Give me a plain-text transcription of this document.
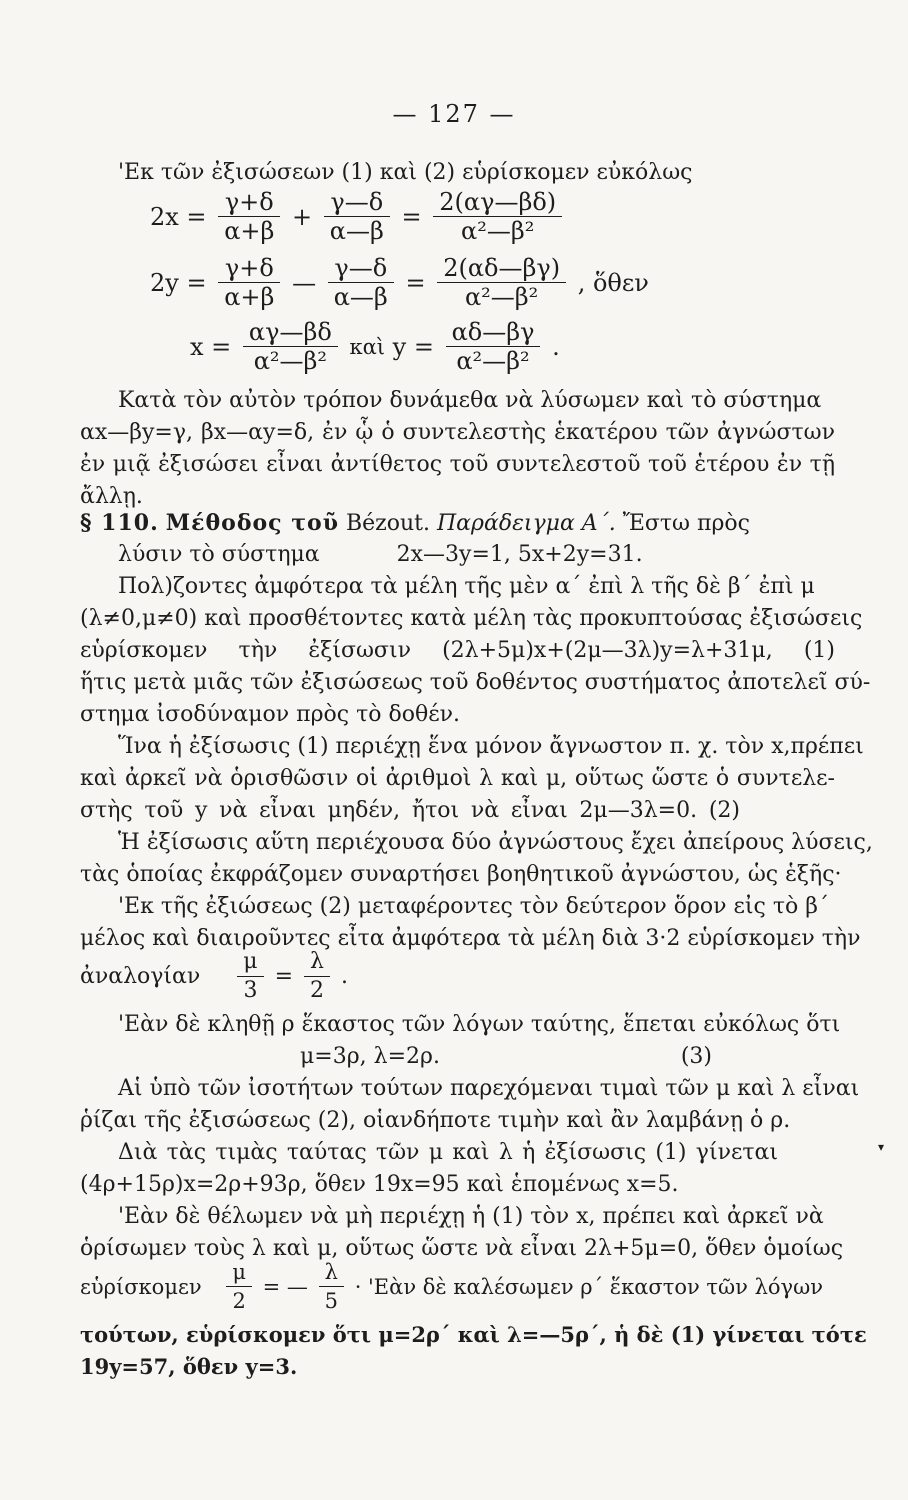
— 127 —
'Εκ τῶν ἐξισώσεων (1) καὶ (2) εὑρίσκομεν εὐκόλως
$2x = \frac{\gamma+\delta}{\alpha+\beta} + \frac{\gamma—\delta}{\alpha—\beta} = \frac{2(\alpha\gamma—\beta\delta)}{\text{α²—β²}}$
$2y = \frac{\gamma+\delta}{\alpha+\beta}$ — $\frac{\gamma—\delta}{\alpha—\beta} = \frac{2(\alpha\delta—\beta\gamma)}{\text{α²—β²}}$ , ὅθεν
$x = \frac{\alpha\gamma—\beta\delta}{\text{α²—β²}}$ καὶ $y = \frac{\alpha\delta—\beta\gamma}{\text{α²—β²}}$ .
Κατὰ τὸν αὐτὸν τρόπον δυνάμεθα νὰ λύσωμεν καὶ τὸ σύστημα
αx—βy=γ, βx—αy=δ, ἐν ᾧ ὁ συντελεστὴς ἑκατέρου τῶν ἀγνώστων
ἐν μιᾷ ἐξισώσει εἶναι ἀντίθετος τοῦ συντελεστοῦ τοῦ ἑτέρου ἐν τῇ
ἄλλῃ.
§ 110. Μέθοδος τοῦ Bézout. Παράδειγμα Α΄. Ἔστω πρὸς
λύσιν τὸ σύστημα	2x—3y=1, 5x+2y=31.
Πολ)ζοντες ἀμφότερα τὰ μέλη τῆς μὲν α΄ ἐπὶ λ τῆς δὲ β΄ ἐπὶ μ
(λ≠0,μ≠0) καὶ προσθέτοντες κατὰ μέλη τὰς προκυπτούσας ἐξισώσεις
εὑρίσκομεν τὴν ἐξίσωσιν (2λ+5μ)x+(2μ—3λ)y=λ+31μ, (1)
ἥτις μετὰ μιᾶς τῶν ἐξισώσεως τοῦ δοθέντος συστήματος ἀποτελεῖ σύ-
στημα ἰσοδύναμον πρὸς τὸ δοθέν.
Ἵνα ἡ ἐξίσωσις (1) περιέχῃ ἕνα μόνον ἄγνωστον π. χ. τὸν x,πρέπει
καὶ ἀρκεῖ νὰ ὁρισθῶσιν οἱ ἀριθμοὶ λ καὶ μ, οὕτως ὥστε ὁ συντελε-
στὴς τοῦ y νὰ εἶναι μηδέν, ἤτοι νὰ εἶναι 2μ—3λ=0. (2)
Ἡ ἐξίσωσις αὕτη περιέχουσα δύο ἀγνώστους ἔχει ἀπείρους λύσεις,
τὰς ὁποίας ἐκφράζομεν συναρτήσει βοηθητικοῦ ἀγνώστου, ὡς ἑξῆς·
'Εκ τῆς ἐξιώσεως (2) μεταφέροντες τὸν δεύτερον ὅρον εἰς τὸ β΄
μέλος καὶ διαιροῦντες εἶτα ἀμφότερα τὰ μέλη διὰ 3·2 εὑρίσκομεν τὴν
ἀναλογίαν $\frac{\mu}{3} = \frac{\lambda}{2}$ .
'Εὰν δὲ κληθῇ ρ ἕκαστος τῶν λόγων ταύτης, ἕπεται εὐκόλως ὅτι
μ=3ρ, λ=2ρ.	(3)
Αἱ ὑπὸ τῶν ἰσοτήτων τούτων παρεχόμεναι τιμαὶ τῶν μ καὶ λ εἶναι
ῥίζαι τῆς ἐξισώσεως (2), οἱανδήποτε τιμὴν καὶ ἂν λαμβάνῃ ὁ ρ.
Διὰ τὰς τιμὰς ταύτας τῶν μ καὶ λ ἡ ἐξίσωσις (1) γίνεται
(4ρ+15ρ)x=2ρ+93ρ, ὅθεν 19x=95 καὶ ἑπομένως x=5.
'Εὰν δὲ θέλωμεν νὰ μὴ περιέχῃ ἡ (1) τὸν x, πρέπει καὶ ἀρκεῖ νὰ
ὁρίσωμεν τοὺς λ καὶ μ, οὕτως ὥστε νὰ εἶναι 2λ+5μ=0, ὅθεν ὁμοίως
εὑρίσκομεν $\frac{\mu}{2}$ = — $\frac{\lambda}{5}$ · 'Εὰν δὲ καλέσωμεν ρ΄ ἕκαστον τῶν λόγων
τούτων, εὑρίσκομεν ὅτι μ=2ρ΄ καὶ λ=—5ρ΄, ἡ δὲ (1) γίνεται τότε
19y=57, ὅθεν y=3.
▾
